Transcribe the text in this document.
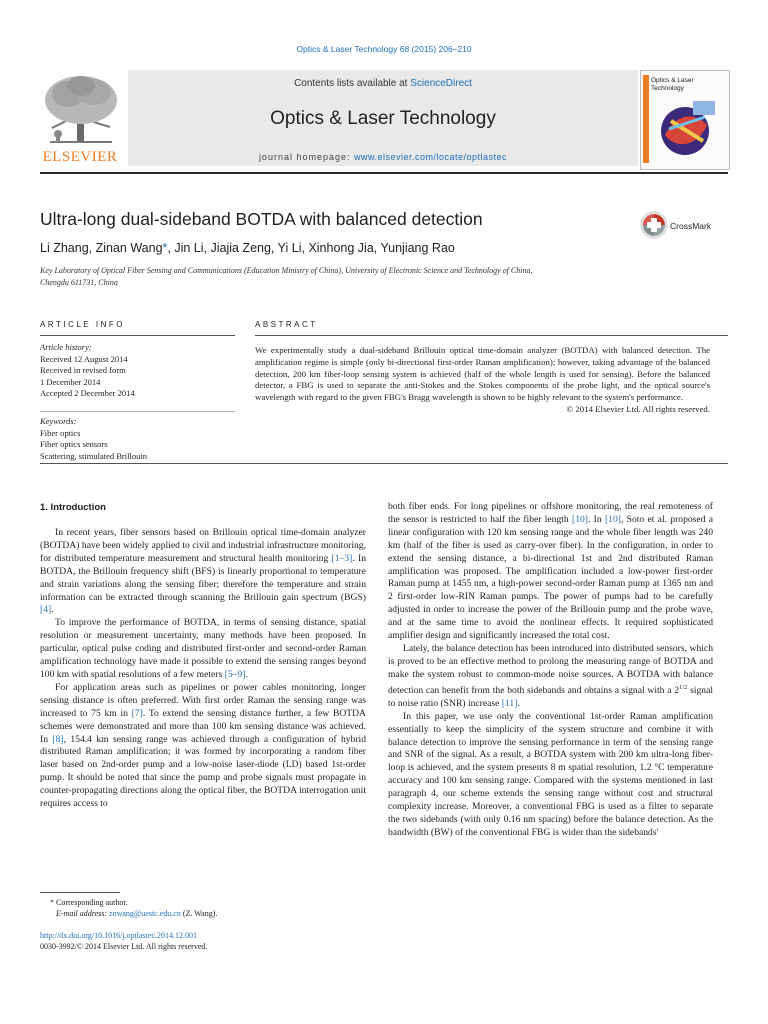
Optics & Laser Technology 68 (2015) 206–210
ELSEVIER
Contents lists available at ScienceDirect
Optics & Laser Technology
journal homepage: www.elsevier.com/locate/optlastec
Optics & Laser Technology
Ultra-long dual-sideband BOTDA with balanced detection	CrossMark
Li Zhang, Zinan Wang*, Jin Li, Jiajia Zeng, Yi Li, Xinhong Jia, Yunjiang Rao
Key Laboratory of Optical Fiber Sensing and Communications (Education Ministry of China), University of Electronic Science and Technology of China,
Chengdu 611731, China
ARTICLE INFO	ABSTRACT
Article history:
Received 12 August 2014
Received in revised form
1 December 2014
Accepted 2 December 2014
Keywords:
Fiber optics
Fiber optics sensors
Scattering, stimulated Brillouin
We experimentally study a dual-sideband Brillouin optical time-domain analyzer (BOTDA) with balanced detection. The amplification regime is simple (only bi-directional first-order Raman amplification); however, taking advantage of the balanced detection, 200 km fiber-loop sensing system is achieved (half of the whole length is used for sensing). Before the balanced detector, a FBG is used to separate the anti-Stokes and the Stokes components of the probe light, and the optical source's wavelength with regard to the given FBG's Bragg wavelength is shown to be highly relevant to the system's performance.
© 2014 Elsevier Ltd. All rights reserved.
1. Introduction

In recent years, fiber sensors based on Brillouin optical time-domain analyzer (BOTDA) have been widely applied to civil and industrial infrastructure monitoring, for distributed temperature measurement and structural health monitoring [1–3]. In BOTDA, the Brillouin frequency shift (BFS) is linearly proportional to temperature and strain variations along the sensing fiber; therefore the temperature and strain information can be extracted through scanning the Brillouin gain spectrum (BGS) [4].

To improve the performance of BOTDA, in terms of sensing distance, spatial resolution or measurement uncertainty, many methods have been proposed. In particular, optical pulse coding and distributed first-order and second-order Raman amplification technology have made it possible to extend the sensing ranges beyond 100 km with spatial resolutions of a few meters [5–9].

For application areas such as pipelines or power cables monitoring, longer sensing distance is often preferred. With first order Raman the sensing range was increased to 75 km in [7]. To extend the sensing distance further, a few BOTDA schemes were demonstrated and more than 100 km sensing distance was achieved. In [8], 154.4 km sensing range was achieved through a configuration of hybrid distributed Raman amplification; it was formed by incorporating a random fiber laser based on 2nd-order pump and a low-noise laser-diode (LD) based 1st-order pump. It should be noted that since the pump and probe signals must propagate in counter-propagating directions along the optical fiber, the BOTDA interrogation unit requires access to

both fiber ends. For long pipelines or offshore monitoring, the real remoteness of the sensor is restricted to half the fiber length [10]. In [10], Soto et al. proposed a linear configuration with 120 km sensing range and the whole fiber length was 240 km (half of the fiber is used as carry-over fiber). In the configuration, in order to extend the sensing distance, a bi-directional 1st and 2nd distributed Raman amplification was proposed. The amplification included a low-power first-order Raman pump at 1455 nm, a high-power second-order Raman pump at 1365 nm and 2 first-order low-RIN Raman pumps. The power of pumps had to be carefully adjusted in order to increase the power of the Brillouin pump and the probe wave, and at the same time to avoid the nonlinear effects. It required sophisticated amplifier design and significantly increased the total cost.

Lately, the balance detection has been introduced into distributed sensors, which is proved to be an effective method to prolong the measuring range of BOTDA and make the system robust to common-mode noise sources. A BOTDA with balance detection can benefit from the both sidebands and obtains a signal with a $2^{1/2}$ signal to noise ratio (SNR) increase [11].

In this paper, we use only the conventional 1st-order Raman amplification essentially to keep the simplicity of the system structure and combine it with balance detection to improve the sensing performance in term of the sensing range and SNR of the signal. As a result, a BOTDA system with 200 km ultra-long fiber-loop is achieved, and the system presents 8 m spatial resolution, 1.2 °C temperature accuracy and 100 km sensing range. Compared with the systems mentioned in last paragraph 4, our scheme extends the sensing range without cost and structural complexity increase. Moreover, a conventional FBG is used as a filter to separate the two sidebands (with only 0.16 nm spacing) before the balance detection. As the bandwidth (BW) of the conventional FBG is wider than the sidebands'

* Corresponding author.
E-mail address: znwang@uestc.edu.cn (Z. Wang).
http://dx.doi.org/10.1016/j.optlastec.2014.12.001
0030-3992/© 2014 Elsevier Ltd. All rights reserved.
